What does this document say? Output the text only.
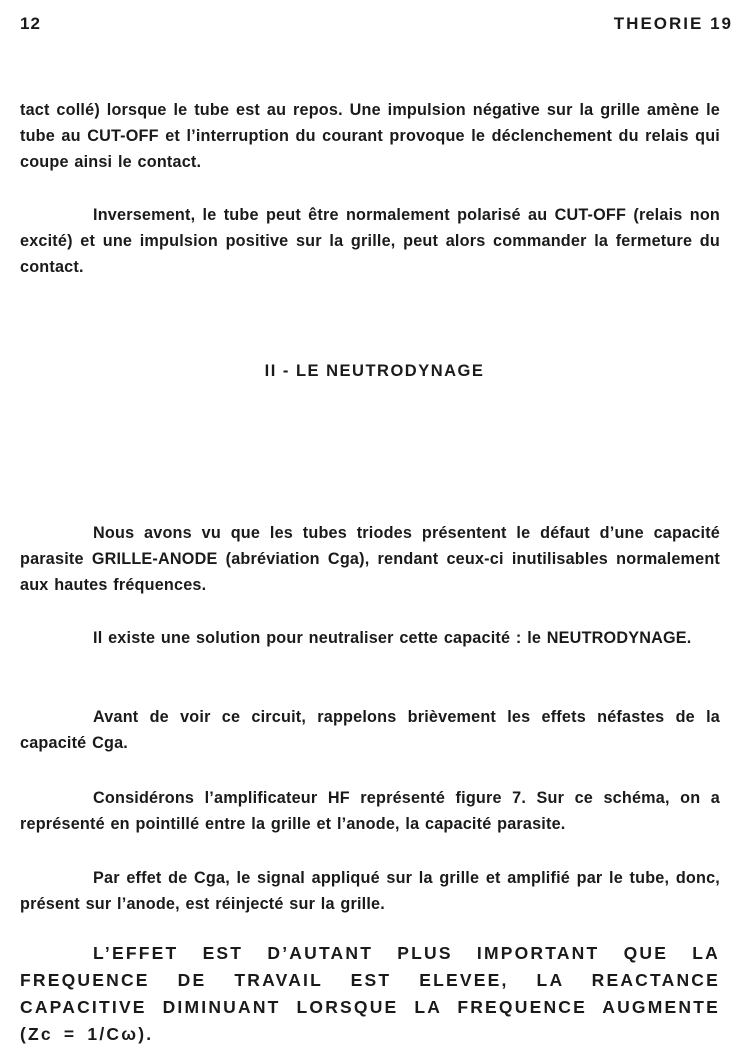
12	THEORIE 19

tact collé) lorsque le tube est au repos. Une impulsion négative sur la grille amène le tube au CUT-OFF et l’interruption du courant provoque le déclenchement du relais qui coupe ainsi le contact.

Inversement, le tube peut être normalement polarisé au CUT-OFF (relais non excité) et une impulsion positive sur la grille, peut alors commander la fermeture du contact.

II - LE NEUTRODYNAGE

Nous avons vu que les tubes triodes présentent le défaut d’une capacité parasite GRILLE-ANODE (abréviation Cga), rendant ceux-ci inutilisables normalement aux hautes fréquences.

Il existe une solution pour neutraliser cette capacité : le NEUTRODYNAGE.

Avant de voir ce circuit, rappelons brièvement les effets néfastes de la capacité Cga.

Considérons l’amplificateur HF représenté figure 7. Sur ce schéma, on a représenté en pointillé entre la grille et l’anode, la capacité parasite.

Par effet de Cga, le signal appliqué sur la grille et amplifié par le tube, donc, présent sur l’anode, est réinjecté sur la grille.

L’EFFET EST D’AUTANT PLUS IMPORTANT QUE LA FREQUENCE DE TRAVAIL EST ELEVEE, LA REACTANCE CAPACITIVE DIMINUANT LORSQUE LA FREQUENCE AUGMENTE (Zc = 1/Cω).
